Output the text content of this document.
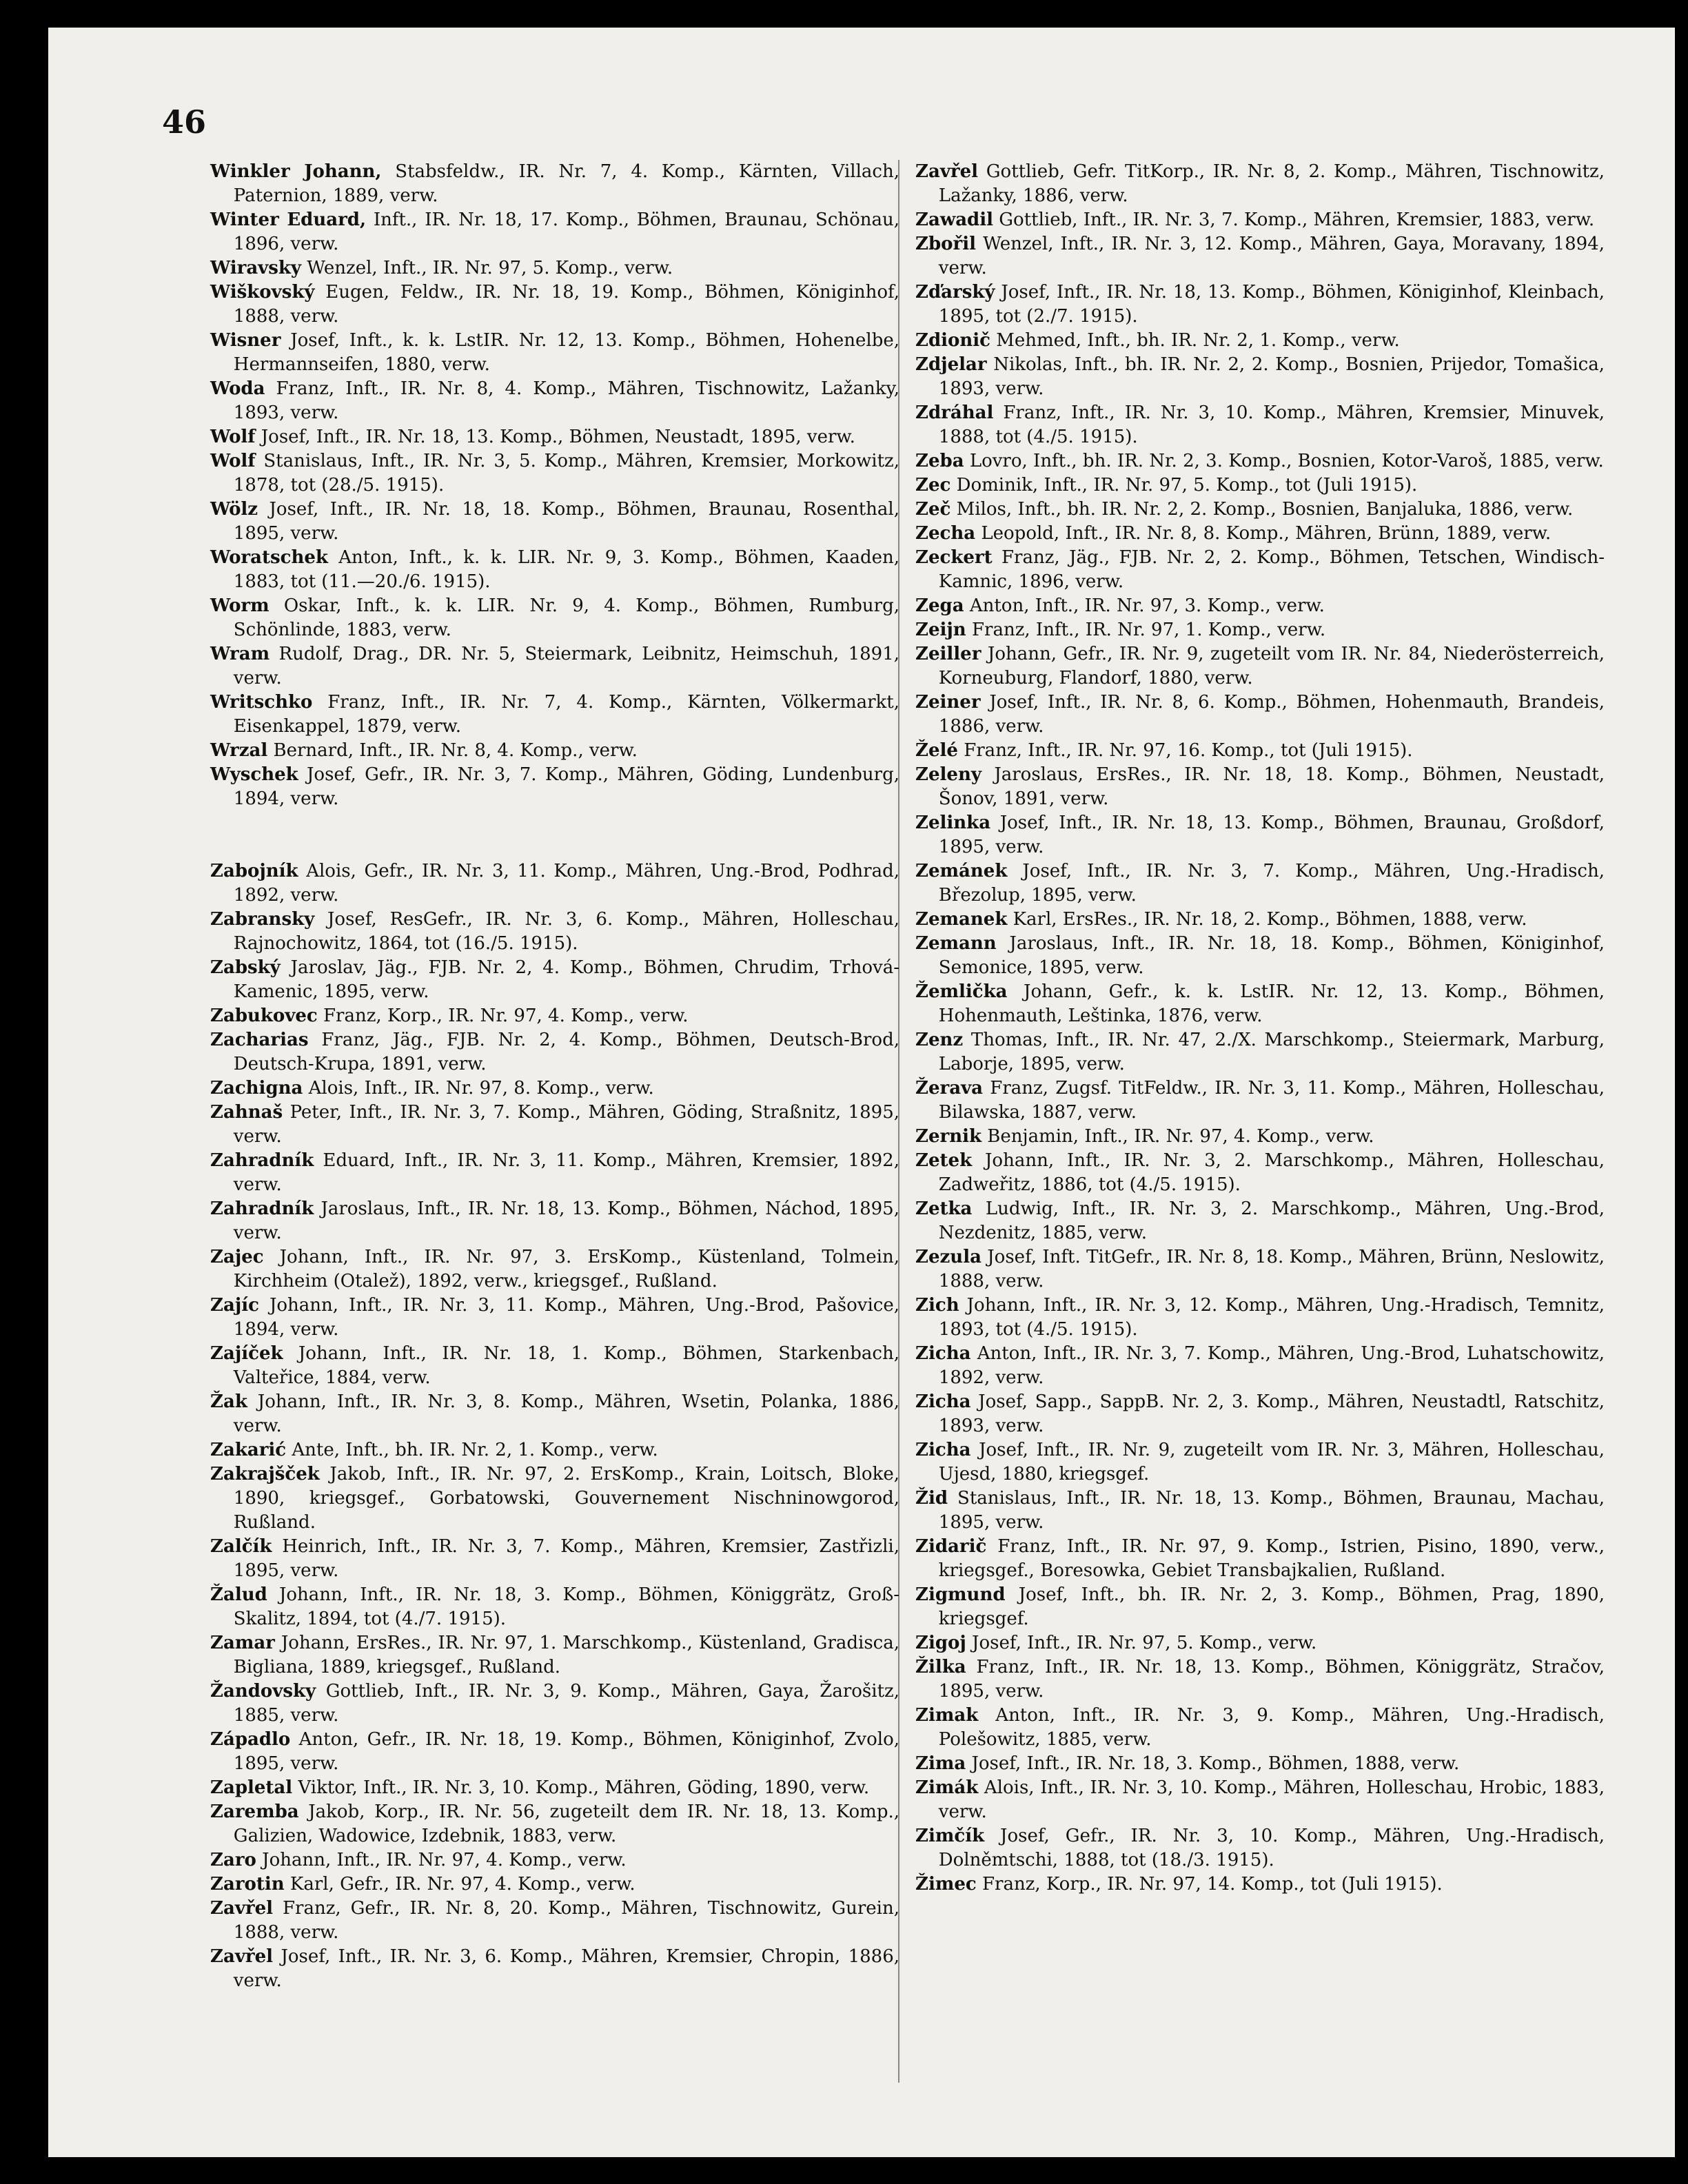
46

Winkler Johann, Stabsfeldw., IR. Nr. 7, 4. Komp., Kärnten, Villach, Paternion, 1889, verw.

Winter Eduard, Inft., IR. Nr. 18, 17. Komp., Böhmen, Braunau, Schönau, 1896, verw.

Wiravsky Wenzel, Inft., IR. Nr. 97, 5. Komp., verw.

Wiškovský Eugen, Feldw., IR. Nr. 18, 19. Komp., Böhmen, Königinhof, 1888, verw.

Wisner Josef, Inft., k. k. LstIR. Nr. 12, 13. Komp., Böhmen, Hohenelbe, Hermannseifen, 1880, verw.

Woda Franz, Inft., IR. Nr. 8, 4. Komp., Mähren, Tischnowitz, Lažanky, 1893, verw.

Wolf Josef, Inft., IR. Nr. 18, 13. Komp., Böhmen, Neustadt, 1895, verw.

Wolf Stanislaus, Inft., IR. Nr. 3, 5. Komp., Mähren, Kremsier, Morkowitz, 1878, tot (28./5. 1915).

Wölz Josef, Inft., IR. Nr. 18, 18. Komp., Böhmen, Braunau, Rosenthal, 1895, verw.

Woratschek Anton, Inft., k. k. LIR. Nr. 9, 3. Komp., Böhmen, Kaaden, 1883, tot (11.—20./6. 1915).

Worm Oskar, Inft., k. k. LIR. Nr. 9, 4. Komp., Böhmen, Rumburg, Schönlinde, 1883, verw.

Wram Rudolf, Drag., DR. Nr. 5, Steiermark, Leibnitz, Heimschuh, 1891, verw.

Writschko Franz, Inft., IR. Nr. 7, 4. Komp., Kärnten, Völkermarkt, Eisenkappel, 1879, verw.

Wrzal Bernard, Inft., IR. Nr. 8, 4. Komp., verw.

Wyschek Josef, Gefr., IR. Nr. 3, 7. Komp., Mähren, Göding, Lundenburg, 1894, verw.

Zabojník Alois, Gefr., IR. Nr. 3, 11. Komp., Mähren, Ung.-Brod, Podhrad, 1892, verw.

Zabransky Josef, ResGefr., IR. Nr. 3, 6. Komp., Mähren, Holleschau, Rajnochowitz, 1864, tot (16./5. 1915).

Zabský Jaroslav, Jäg., FJB. Nr. 2, 4. Komp., Böhmen, Chrudim, Trhová-Kamenic, 1895, verw.

Zabukovec Franz, Korp., IR. Nr. 97, 4. Komp., verw.

Zacharias Franz, Jäg., FJB. Nr. 2, 4. Komp., Böhmen, Deutsch-Brod, Deutsch-Krupa, 1891, verw.

Zachigna Alois, Inft., IR. Nr. 97, 8. Komp., verw.

Zahnaš Peter, Inft., IR. Nr. 3, 7. Komp., Mähren, Göding, Straßnitz, 1895, verw.

Zahradník Eduard, Inft., IR. Nr. 3, 11. Komp., Mähren, Kremsier, 1892, verw.

Zahradník Jaroslaus, Inft., IR. Nr. 18, 13. Komp., Böhmen, Náchod, 1895, verw.

Zajec Johann, Inft., IR. Nr. 97, 3. ErsKomp., Küstenland, Tolmein, Kirchheim (Otalež), 1892, verw., kriegsgef., Rußland.

Zajíc Johann, Inft., IR. Nr. 3, 11. Komp., Mähren, Ung.-Brod, Pašovice, 1894, verw.

Zajíček Johann, Inft., IR. Nr. 18, 1. Komp., Böhmen, Starkenbach, Valteřice, 1884, verw.

Žak Johann, Inft., IR. Nr. 3, 8. Komp., Mähren, Wsetin, Polanka, 1886, verw.

Zakarić Ante, Inft., bh. IR. Nr. 2, 1. Komp., verw.

Zakrajšček Jakob, Inft., IR. Nr. 97, 2. ErsKomp., Krain, Loitsch, Bloke, 1890, kriegsgef., Gorbatowski, Gouvernement Nischninowgorod, Rußland.

Zalčík Heinrich, Inft., IR. Nr. 3, 7. Komp., Mähren, Kremsier, Zastřizli, 1895, verw.

Žalud Johann, Inft., IR. Nr. 18, 3. Komp., Böhmen, Königgrätz, Groß-Skalitz, 1894, tot (4./7. 1915).

Zamar Johann, ErsRes., IR. Nr. 97, 1. Marschkomp., Küstenland, Gradisca, Bigliana, 1889, kriegsgef., Rußland.

Žandovsky Gottlieb, Inft., IR. Nr. 3, 9. Komp., Mähren, Gaya, Žarošitz, 1885, verw.

Západlo Anton, Gefr., IR. Nr. 18, 19. Komp., Böhmen, Königinhof, Zvolo, 1895, verw.

Zapletal Viktor, Inft., IR. Nr. 3, 10. Komp., Mähren, Göding, 1890, verw.

Zaremba Jakob, Korp., IR. Nr. 56, zugeteilt dem IR. Nr. 18, 13. Komp., Galizien, Wadowice, Izdebnik, 1883, verw.

Zaro Johann, Inft., IR. Nr. 97, 4. Komp., verw.

Zarotin Karl, Gefr., IR. Nr. 97, 4. Komp., verw.

Zavřel Franz, Gefr., IR. Nr. 8, 20. Komp., Mähren, Tischnowitz, Gurein, 1888, verw.

Zavřel Josef, Inft., IR. Nr. 3, 6. Komp., Mähren, Kremsier, Chropin, 1886, verw.

Zavřel Gottlieb, Gefr. TitKorp., IR. Nr. 8, 2. Komp., Mähren, Tischnowitz, Lažanky, 1886, verw.

Zawadil Gottlieb, Inft., IR. Nr. 3, 7. Komp., Mähren, Kremsier, 1883, verw.

Zbořil Wenzel, Inft., IR. Nr. 3, 12. Komp., Mähren, Gaya, Moravany, 1894, verw.

Zďarský Josef, Inft., IR. Nr. 18, 13. Komp., Böhmen, Königinhof, Kleinbach, 1895, tot (2./7. 1915).

Zdionič Mehmed, Inft., bh. IR. Nr. 2, 1. Komp., verw.

Zdjelar Nikolas, Inft., bh. IR. Nr. 2, 2. Komp., Bosnien, Prijedor, Tomašica, 1893, verw.

Zdráhal Franz, Inft., IR. Nr. 3, 10. Komp., Mähren, Kremsier, Minuvek, 1888, tot (4./5. 1915).

Zeba Lovro, Inft., bh. IR. Nr. 2, 3. Komp., Bosnien, Kotor-Varoš, 1885, verw.

Zec Dominik, Inft., IR. Nr. 97, 5. Komp., tot (Juli 1915).

Zeč Milos, Inft., bh. IR. Nr. 2, 2. Komp., Bosnien, Banjaluka, 1886, verw.

Zecha Leopold, Inft., IR. Nr. 8, 8. Komp., Mähren, Brünn, 1889, verw.

Zeckert Franz, Jäg., FJB. Nr. 2, 2. Komp., Böhmen, Tetschen, Windisch-Kamnic, 1896, verw.

Zega Anton, Inft., IR. Nr. 97, 3. Komp., verw.

Zeijn Franz, Inft., IR. Nr. 97, 1. Komp., verw.

Zeiller Johann, Gefr., IR. Nr. 9, zugeteilt vom IR. Nr. 84, Niederösterreich, Korneuburg, Flandorf, 1880, verw.

Zeiner Josef, Inft., IR. Nr. 8, 6. Komp., Böhmen, Hohenmauth, Brandeis, 1886, verw.

Želé Franz, Inft., IR. Nr. 97, 16. Komp., tot (Juli 1915).

Zeleny Jaroslaus, ErsRes., IR. Nr. 18, 18. Komp., Böhmen, Neustadt, Šonov, 1891, verw.

Zelinka Josef, Inft., IR. Nr. 18, 13. Komp., Böhmen, Braunau, Großdorf, 1895, verw.

Zemánek Josef, Inft., IR. Nr. 3, 7. Komp., Mähren, Ung.-Hradisch, Březolup, 1895, verw.

Zemanek Karl, ErsRes., IR. Nr. 18, 2. Komp., Böhmen, 1888, verw.

Zemann Jaroslaus, Inft., IR. Nr. 18, 18. Komp., Böhmen, Königinhof, Semonice, 1895, verw.

Žemlička Johann, Gefr., k. k. LstIR. Nr. 12, 13. Komp., Böhmen, Hohenmauth, Leštinka, 1876, verw.

Zenz Thomas, Inft., IR. Nr. 47, 2./X. Marschkomp., Steiermark, Marburg, Laborje, 1895, verw.

Žerava Franz, Zugsf. TitFeldw., IR. Nr. 3, 11. Komp., Mähren, Holleschau, Bilawska, 1887, verw.

Zernik Benjamin, Inft., IR. Nr. 97, 4. Komp., verw.

Zetek Johann, Inft., IR. Nr. 3, 2. Marschkomp., Mähren, Holleschau, Zadweřitz, 1886, tot (4./5. 1915).

Zetka Ludwig, Inft., IR. Nr. 3, 2. Marschkomp., Mähren, Ung.-Brod, Nezdenitz, 1885, verw.

Zezula Josef, Inft. TitGefr., IR. Nr. 8, 18. Komp., Mähren, Brünn, Neslowitz, 1888, verw.

Zich Johann, Inft., IR. Nr. 3, 12. Komp., Mähren, Ung.-Hradisch, Temnitz, 1893, tot (4./5. 1915).

Zicha Anton, Inft., IR. Nr. 3, 7. Komp., Mähren, Ung.-Brod, Luhatschowitz, 1892, verw.

Zicha Josef, Sapp., SappB. Nr. 2, 3. Komp., Mähren, Neustadtl, Ratschitz, 1893, verw.

Zicha Josef, Inft., IR. Nr. 9, zugeteilt vom IR. Nr. 3, Mähren, Holleschau, Ujesd, 1880, kriegsgef.

Žid Stanislaus, Inft., IR. Nr. 18, 13. Komp., Böhmen, Braunau, Machau, 1895, verw.

Zidarič Franz, Inft., IR. Nr. 97, 9. Komp., Istrien, Pisino, 1890, verw., kriegsgef., Boresowka, Gebiet Transbajkalien, Rußland.

Zigmund Josef, Inft., bh. IR. Nr. 2, 3. Komp., Böhmen, Prag, 1890, kriegsgef.

Zigoj Josef, Inft., IR. Nr. 97, 5. Komp., verw.

Žilka Franz, Inft., IR. Nr. 18, 13. Komp., Böhmen, Königgrätz, Stračov, 1895, verw.

Zimak Anton, Inft., IR. Nr. 3, 9. Komp., Mähren, Ung.-Hradisch, Polešowitz, 1885, verw.

Zima Josef, Inft., IR. Nr. 18, 3. Komp., Böhmen, 1888, verw.

Zimák Alois, Inft., IR. Nr. 3, 10. Komp., Mähren, Holleschau, Hrobic, 1883, verw.

Zimčík Josef, Gefr., IR. Nr. 3, 10. Komp., Mähren, Ung.-Hradisch, Dolněmtschi, 1888, tot (18./3. 1915).

Žimec Franz, Korp., IR. Nr. 97, 14. Komp., tot (Juli 1915).
